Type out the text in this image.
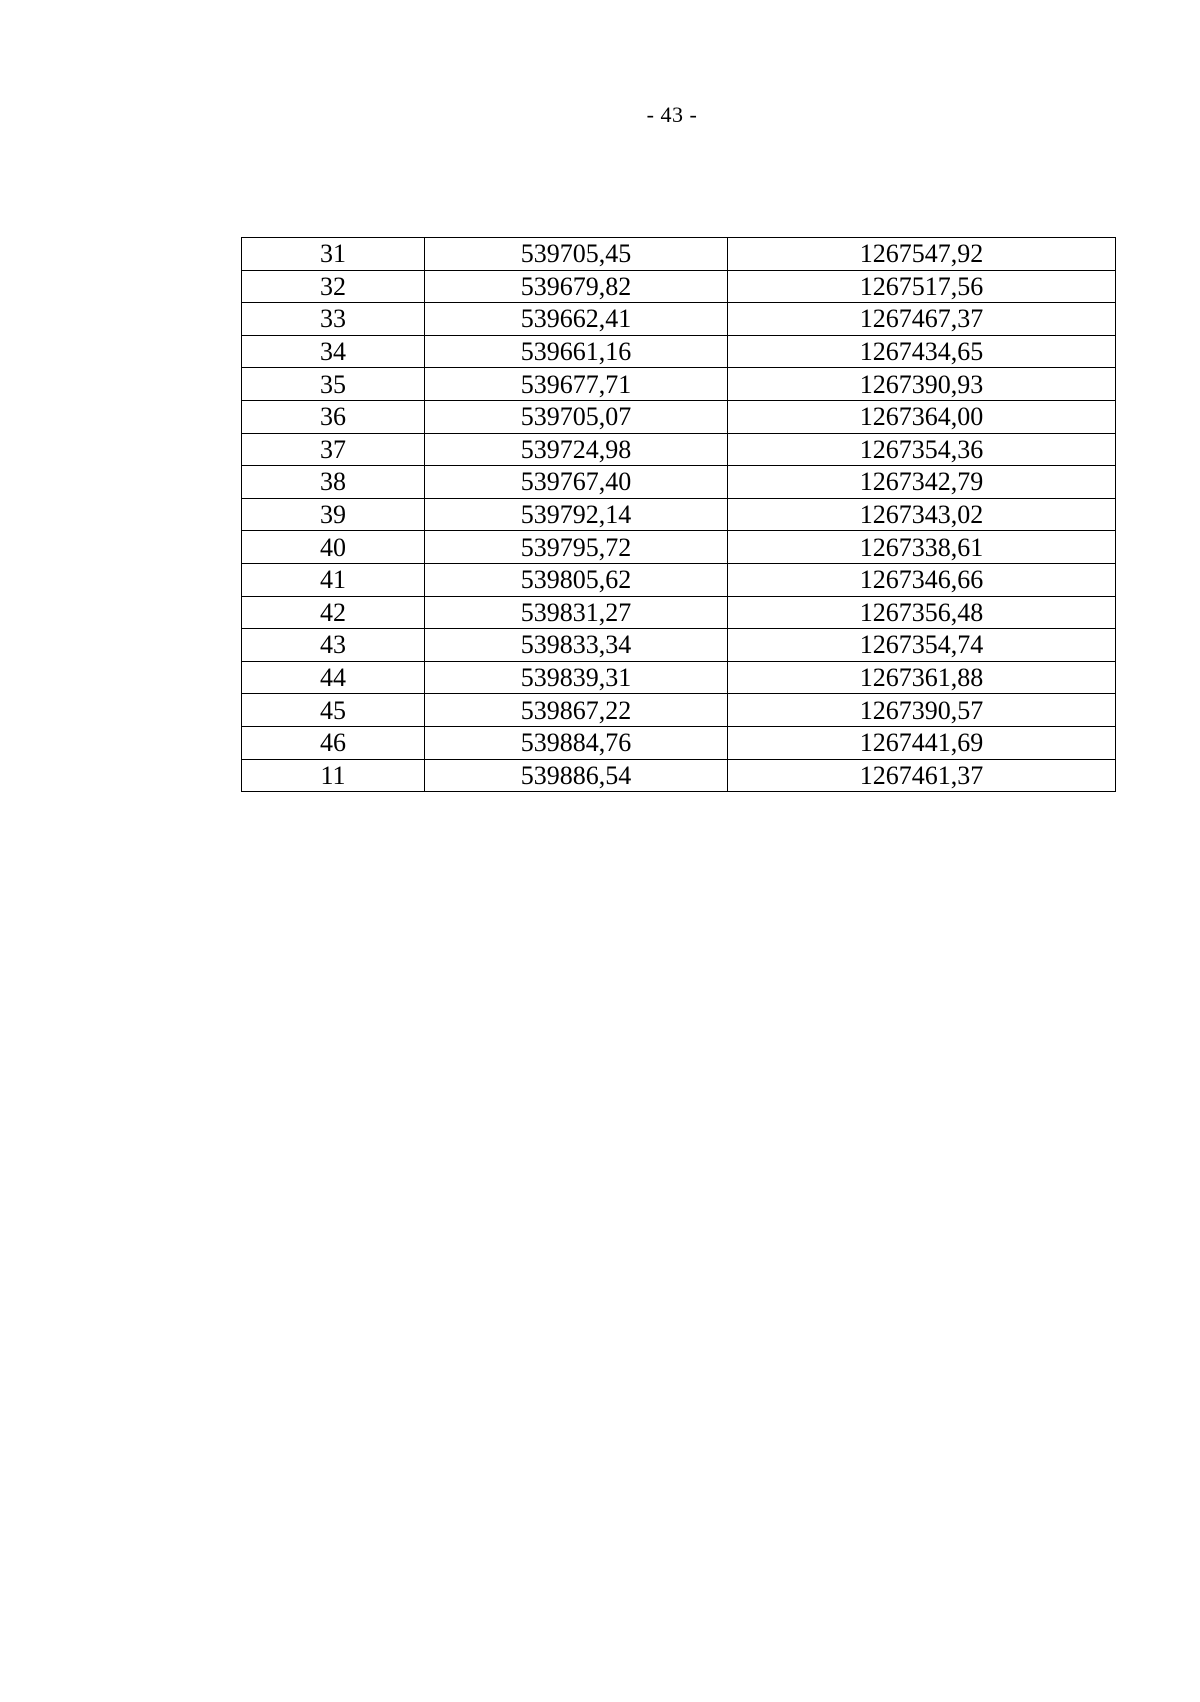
- 43 -
31	539705,45	1267547,92
32	539679,82	1267517,56
33	539662,41	1267467,37
34	539661,16	1267434,65
35	539677,71	1267390,93
36	539705,07	1267364,00
37	539724,98	1267354,36
38	539767,40	1267342,79
39	539792,14	1267343,02
40	539795,72	1267338,61
41	539805,62	1267346,66
42	539831,27	1267356,48
43	539833,34	1267354,74
44	539839,31	1267361,88
45	539867,22	1267390,57
46	539884,76	1267441,69
11	539886,54	1267461,37
